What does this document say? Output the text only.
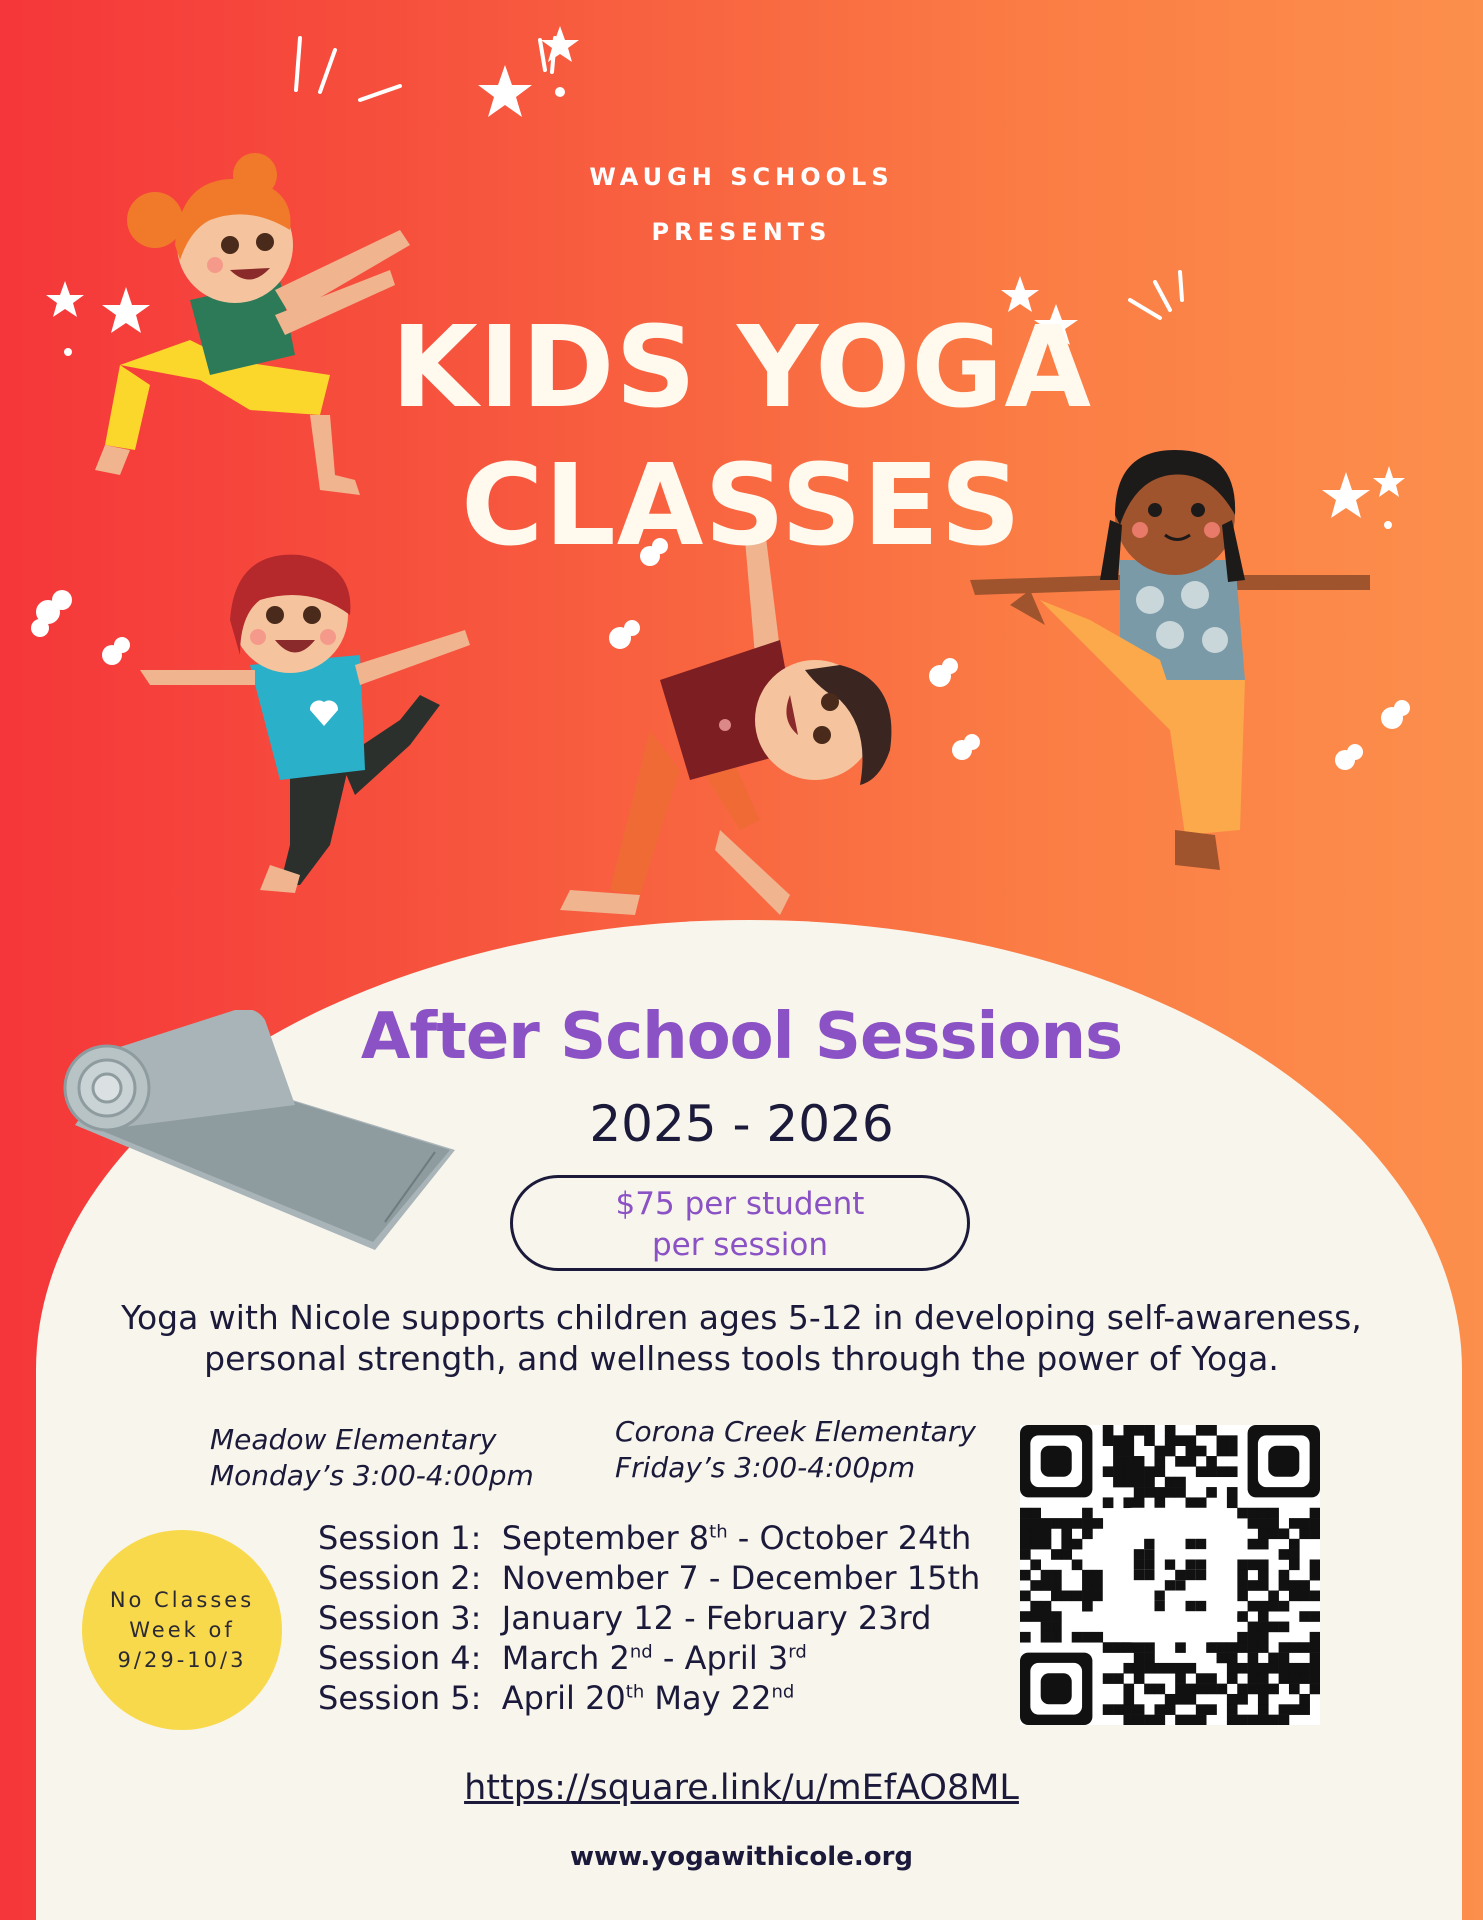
WAUGH SCHOOLS
PRESENTS
KIDS YOGA
CLASSES
After School Sessions
2025 - 2026
$75 per student
per session
Yoga with Nicole supports children ages 5-12 in developing self-awareness,
personal strength, and wellness tools through the power of Yoga.
Meadow Elementary
Monday’s 3:00-4:00pm
Corona Creek Elementary
Friday’s 3:00-4:00pm
No Classes
Week of
9/29-10/3
Session 1: September 8th - October 24th
Session 2: November 7 - December 15th
Session 3: January 12 - February 23rd
Session 4: March 2nd - April 3rd
Session 5: April 20th May 22nd
https://square.link/u/mEfAO8ML
www.yogawithicole.org
